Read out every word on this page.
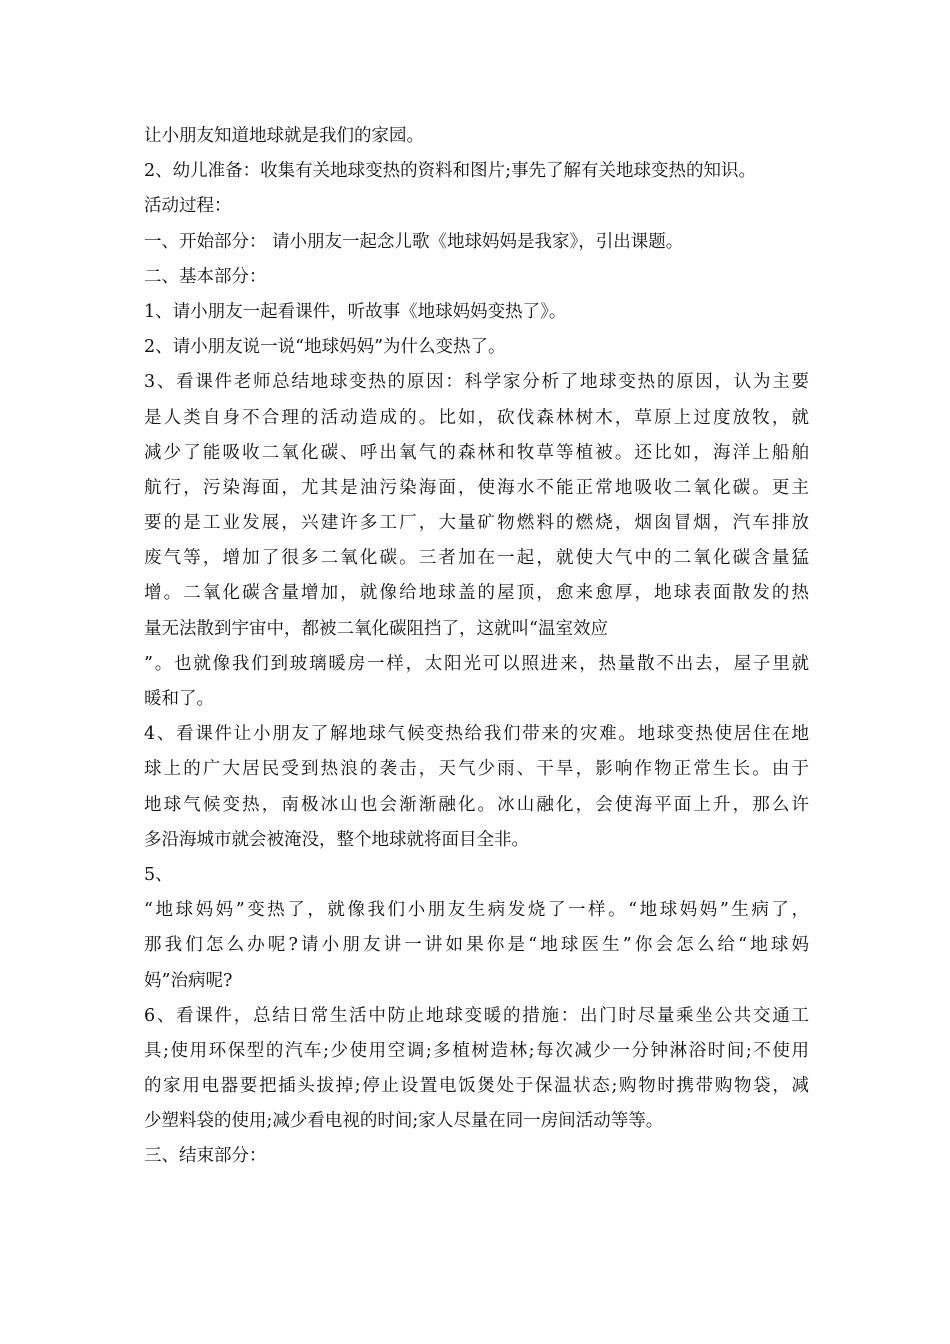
让小朋友知道地球就是我们的家园。
2、幼儿准备：收集有关地球变热的资料和图片;事先了解有关地球变热的知识。
活动过程：
一、开始部分： 请小朋友一起念儿歌《地球妈妈是我家》，引出课题。
二、基本部分：
1、请小朋友一起看课件，听故事《地球妈妈变热了》。
2、请小朋友说一说“地球妈妈”为什么变热了。
3、看课件老师总结地球变热的原因：科学家分析了地球变热的原因，认为主要
是人类自身不合理的活动造成的。比如，砍伐森林树木，草原上过度放牧，就
减少了能吸收二氧化碳、呼出氧气的森林和牧草等植被。还比如，海洋上船舶
航行，污染海面，尤其是油污染海面，使海水不能正常地吸收二氧化碳。更主
要的是工业发展，兴建许多工厂，大量矿物燃料的燃烧，烟囱冒烟，汽车排放
废气等，增加了很多二氧化碳。三者加在一起，就使大气中的二氧化碳含量猛
增。二氧化碳含量增加，就像给地球盖的屋顶，愈来愈厚，地球表面散发的热
量无法散到宇宙中，都被二氧化碳阻挡了，这就叫“温室效应
”。也就像我们到玻璃暖房一样，太阳光可以照进来，热量散不出去，屋子里就
暖和了。
4、看课件让小朋友了解地球气候变热给我们带来的灾难。地球变热使居住在地
球上的广大居民受到热浪的袭击，天气少雨、干旱，影响作物正常生长。由于
地球气候变热，南极冰山也会渐渐融化。冰山融化，会使海平面上升，那么许
多沿海城市就会被淹没，整个地球就将面目全非。
5、
“地球妈妈”变热了，就像我们小朋友生病发烧了一样。“地球妈妈”生病了，
那我们怎么办呢?请小朋友讲一讲如果你是“地球医生”你会怎么给“地球妈
妈”治病呢?
6、看课件，总结日常生活中防止地球变暖的措施：出门时尽量乘坐公共交通工
具;使用环保型的汽车;少使用空调;多植树造林;每次减少一分钟淋浴时间;不使用
的家用电器要把插头拔掉;停止设置电饭煲处于保温状态;购物时携带购物袋，减
少塑料袋的使用;减少看电视的时间;家人尽量在同一房间活动等等。
三、结束部分：
